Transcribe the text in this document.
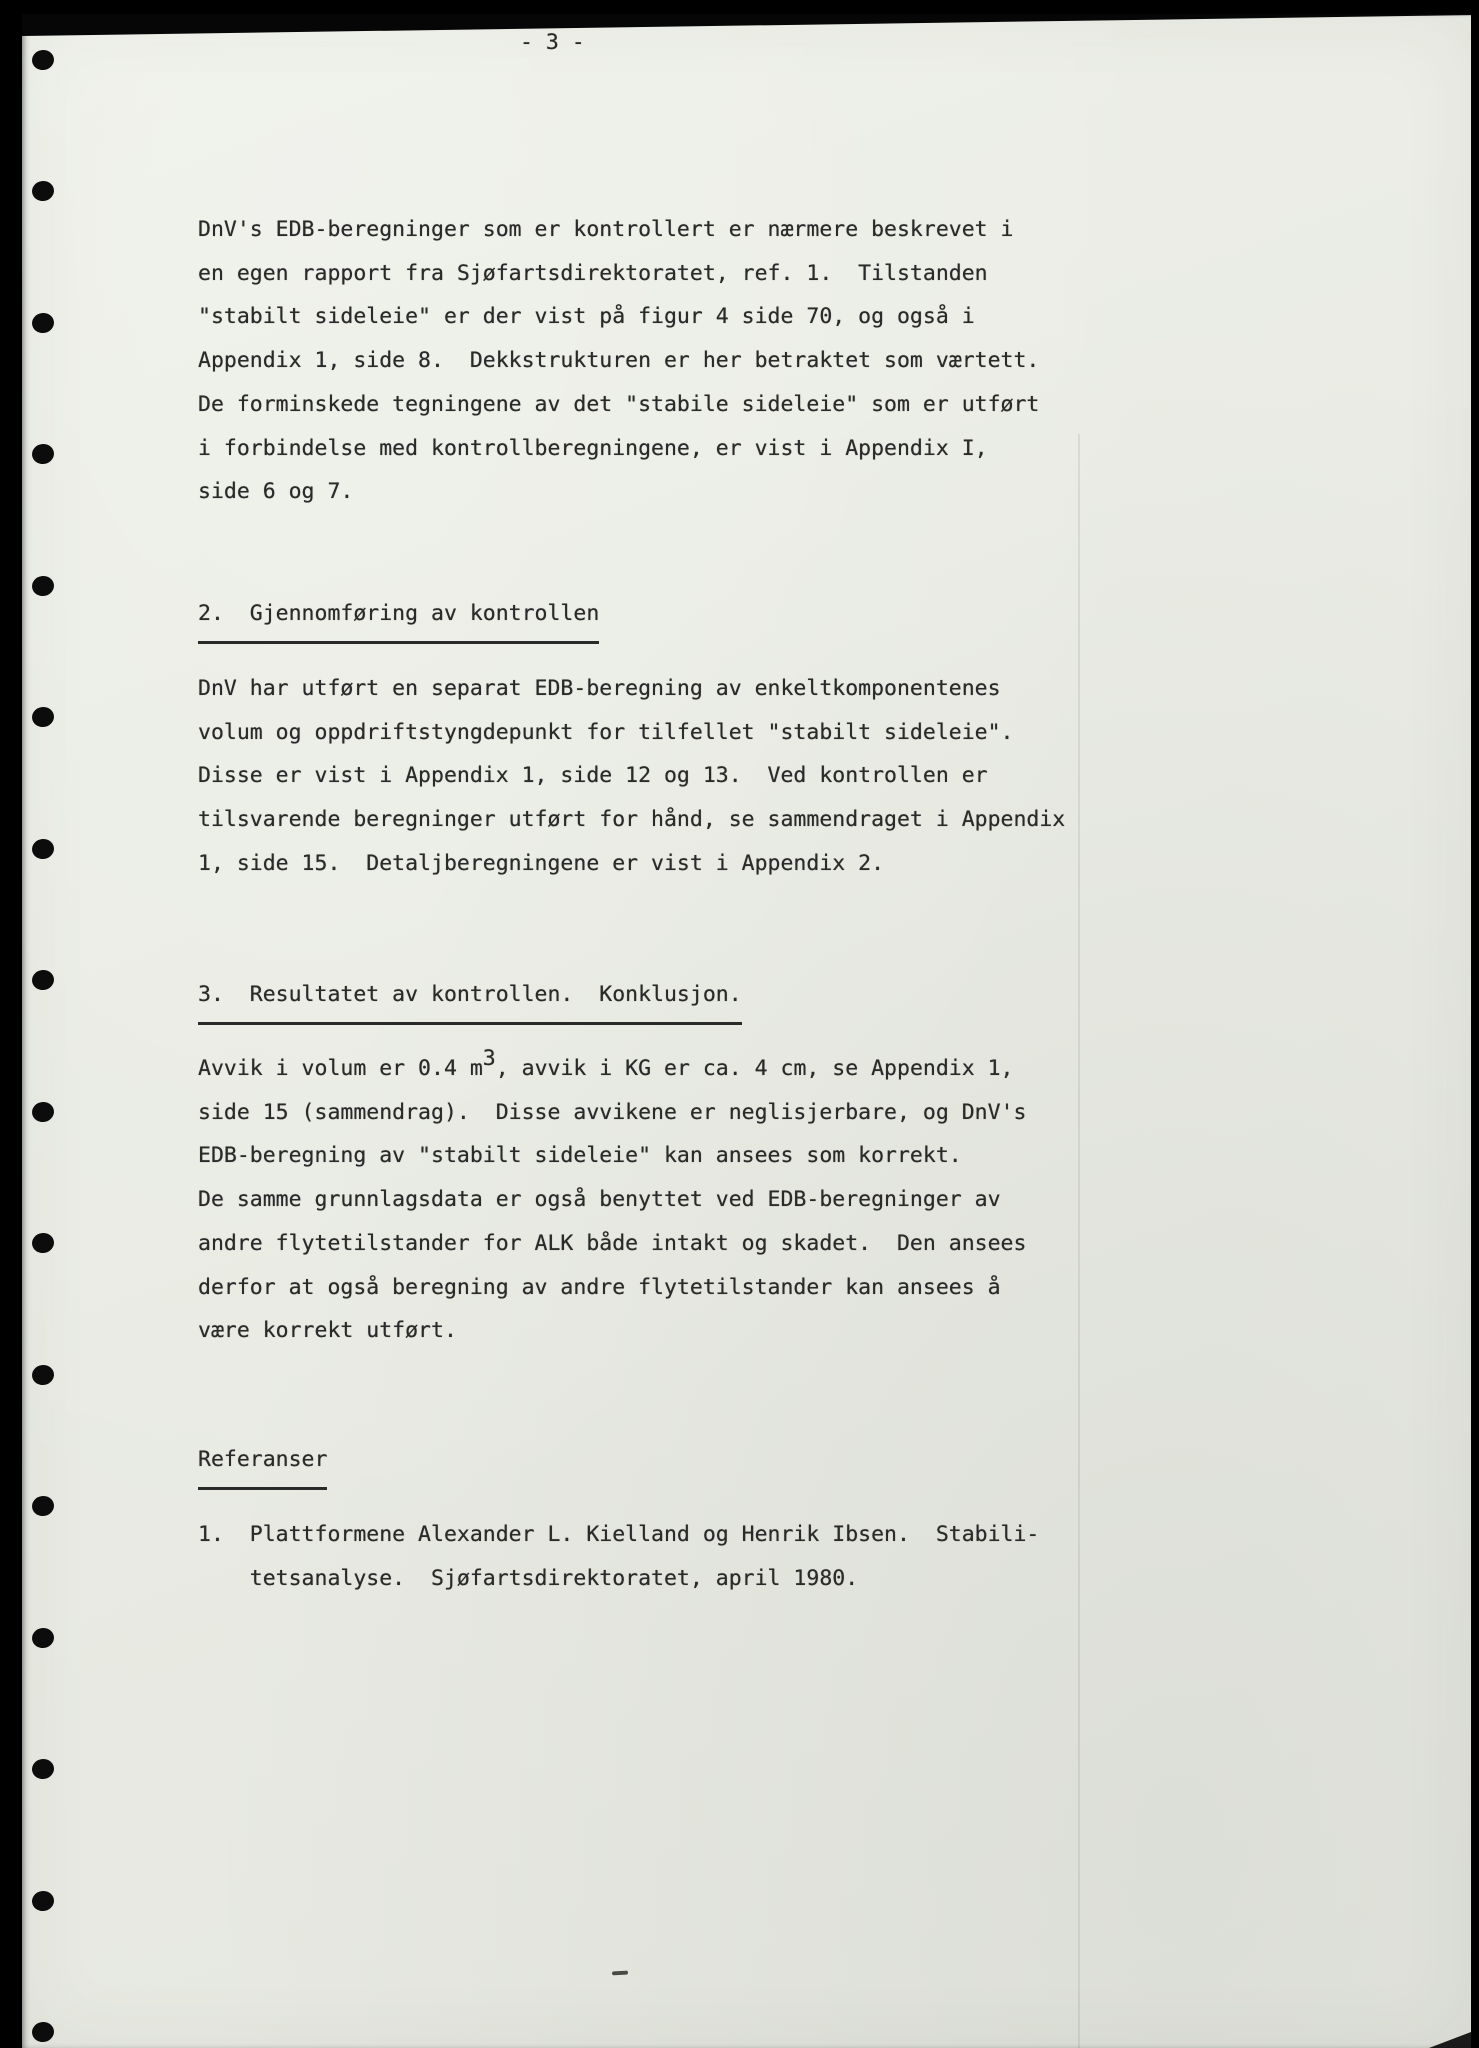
- 3 -
DnV's EDB-beregninger som er kontrollert er nærmere beskrevet i
en egen rapport fra Sjøfartsdirektoratet, ref. 1.  Tilstanden
"stabilt sideleie" er der vist på figur 4 side 70, og også i
Appendix 1, side 8.  Dekkstrukturen er her betraktet som værtett.
De forminskede tegningene av det "stabile sideleie" som er utført
i forbindelse med kontrollberegningene, er vist i Appendix I,
side 6 og 7.
2.  Gjennomføring av kontrollen
DnV har utført en separat EDB-beregning av enkeltkomponentenes
volum og oppdriftstyngdepunkt for tilfellet "stabilt sideleie".
Disse er vist i Appendix 1, side 12 og 13.  Ved kontrollen er
tilsvarende beregninger utført for hånd, se sammendraget i Appendix
1, side 15.  Detaljberegningene er vist i Appendix 2.
3.  Resultatet av kontrollen.  Konklusjon.
Avvik i volum er 0.4 m3, avvik i KG er ca. 4 cm, se Appendix 1,
side 15 (sammendrag).  Disse avvikene er neglisjerbare, og DnV's
EDB-beregning av "stabilt sideleie" kan ansees som korrekt.
De samme grunnlagsdata er også benyttet ved EDB-beregninger av
andre flytetilstander for ALK både intakt og skadet.  Den ansees
derfor at også beregning av andre flytetilstander kan ansees å
være korrekt utført.
Referanser
1.  Plattformene Alexander L. Kielland og Henrik Ibsen.  Stabili-
tetsanalyse.  Sjøfartsdirektoratet, april 1980.
